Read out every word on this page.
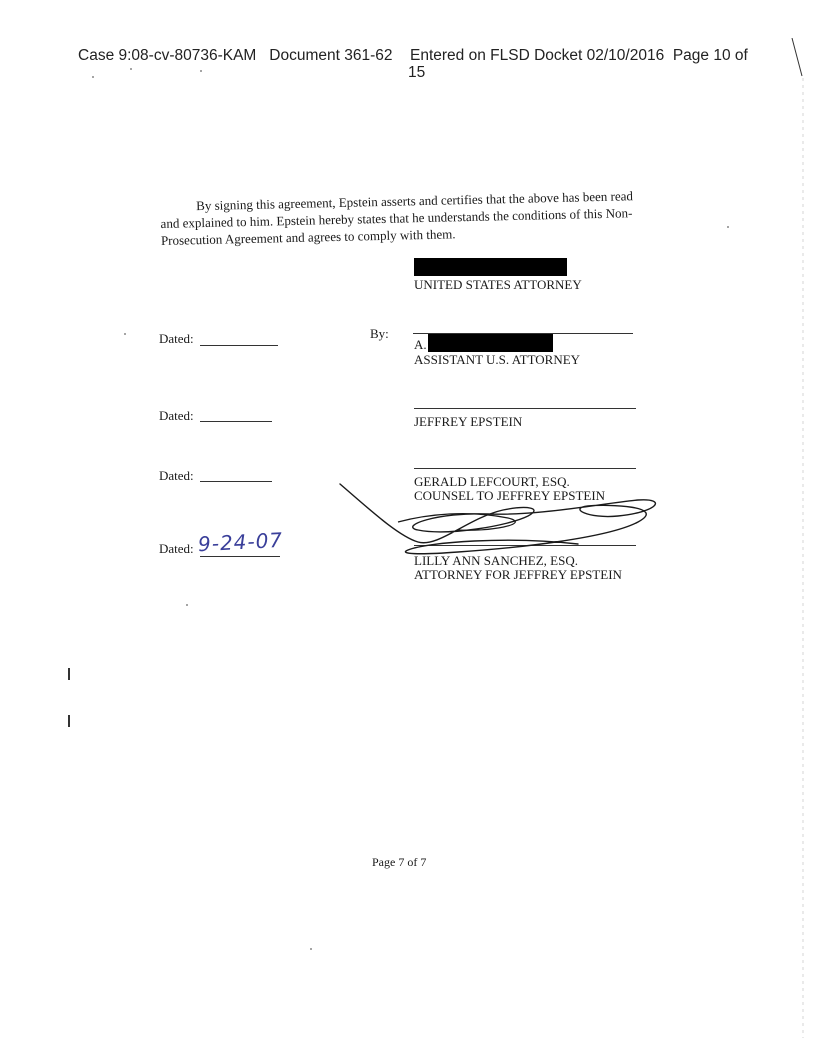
Case 9:08-cv-80736-KAM Document 361-62	Entered on FLSD Docket 02/10/2016 Page 10 of
15

By signing this agreement, Epstein asserts and certifies that the above has been read and explained to him. Epstein hereby states that he understands the conditions of this Non-Prosecution Agreement and agrees to comply with them.

UNITED STATES ATTORNEY
Dated:	By:
A.
ASSISTANT U.S. ATTORNEY
Dated:	JEFFREY EPSTEIN
Dated:	GERALD LEFCOURT, ESQ.
COUNSEL TO JEFFREY EPSTEIN
Dated: 9-24-07
LILLY ANN SANCHEZ, ESQ.
ATTORNEY FOR JEFFREY EPSTEIN
Page 7 of 7
